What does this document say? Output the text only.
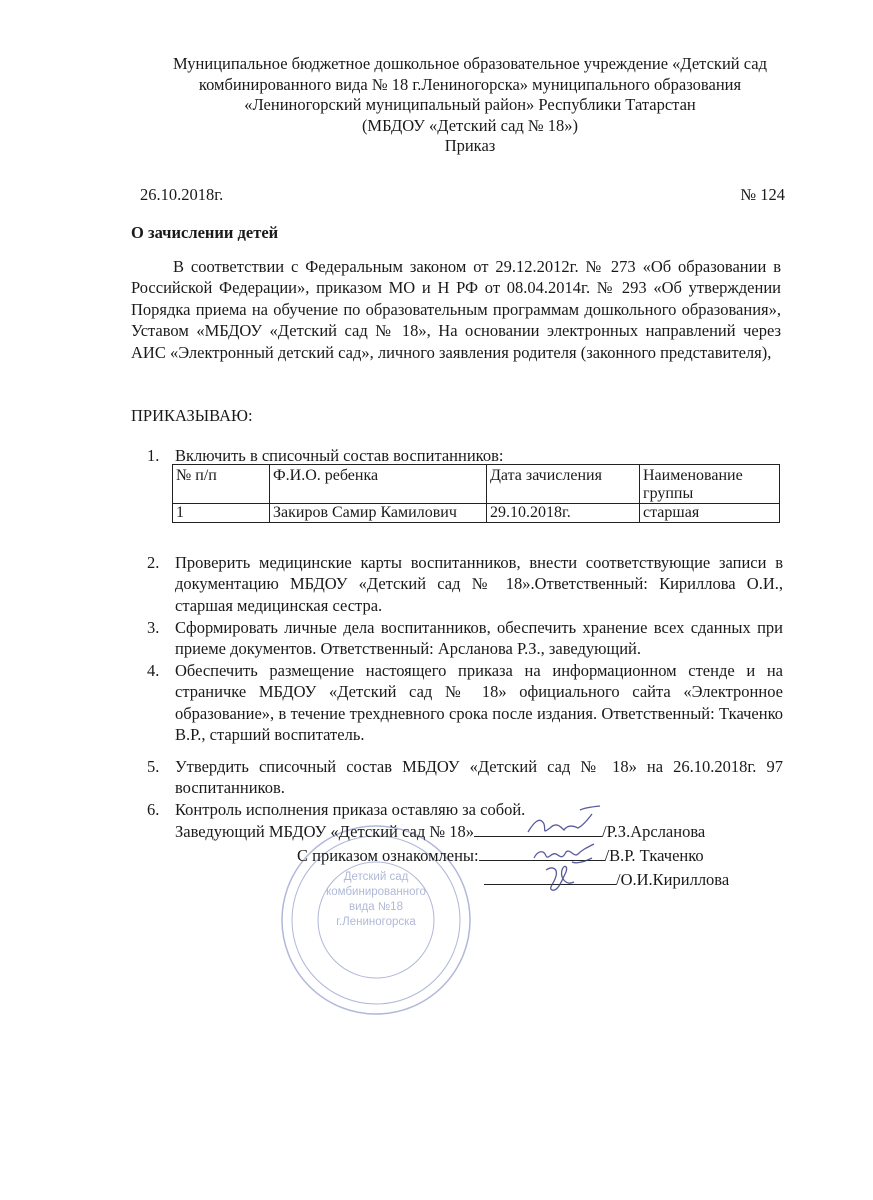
Муниципальное бюджетное дошкольное образовательное учреждение «Детский сад
комбинированного вида № 18 г.Лениногорска» муниципального образования
«Лениногорский муниципальный район» Республики Татарстан
(МБДОУ «Детский сад № 18»)
Приказ
26.10.2018г.	№ 124
О зачислении детей
В соответствии с Федеральным законом от 29.12.2012г. № 273 «Об образовании в Российской Федерации», приказом МО и Н РФ от 08.04.2014г. № 293 «Об утверждении Порядка приема на обучение по образовательным программам дошкольного образования», Уставом «МБДОУ «Детский сад № 18», На основании электронных направлений через АИС «Электронный детский сад», личного заявления родителя (законного представителя),
ПРИКАЗЫВАЮ:
1. Включить в списочный состав воспитанников:
№ п/п	Ф.И.О. ребенка	Дата зачисления	Наименование группы
1	Закиров Самир Камилович	29.10.2018г.	старшая
2. Проверить медицинские карты воспитанников, внести соответствующие записи в документацию МБДОУ «Детский сад № 18».Ответственный: Кириллова О.И., старшая медицинская сестра.
3. Сформировать личные дела воспитанников, обеспечить хранение всех сданных при приеме документов. Ответственный: Арсланова Р.З., заведующий.
4. Обеспечить размещение настоящего приказа на информационном стенде и на страничке МБДОУ «Детский сад № 18» официального сайта «Электронное образование», в течение трехдневного срока после издания. Ответственный: Ткаченко В.Р., старший воспитатель.
5. Утвердить списочный состав МБДОУ «Детский сад № 18» на 26.10.2018г. 97 воспитанников.
6. Контроль исполнения приказа оставляю за собой.
Детский сад
комбинированного
вида №18
г.Лениногорска
Заведующий МБДОУ «Детский сад № 18»	/Р.З.Арсланова
С приказом ознакомлены:	/В.Р. Ткаченко
/О.И.Кириллова
